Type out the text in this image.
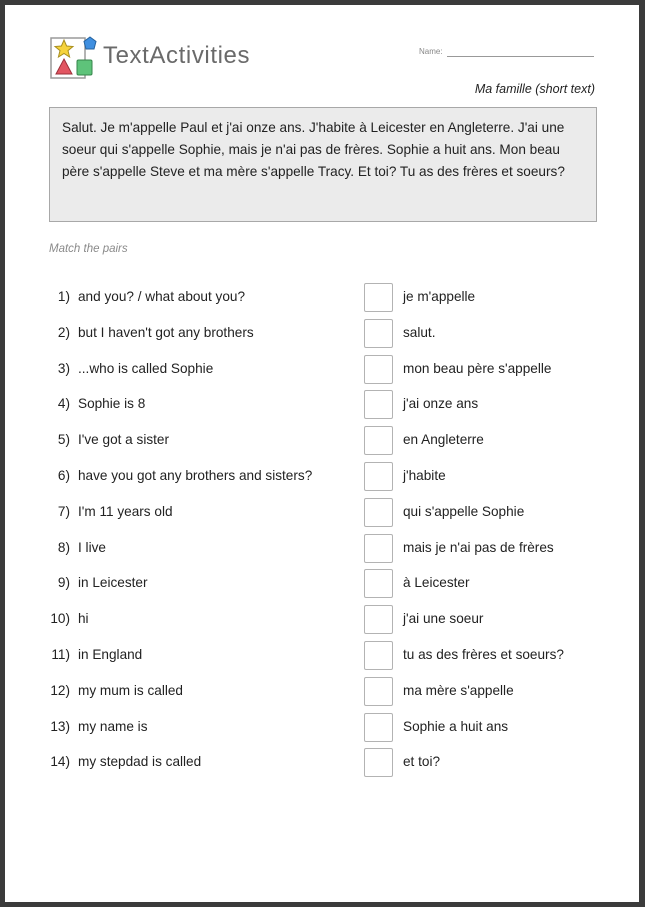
TextActivities	Name:
Ma famille (short text)
Salut. Je m'appelle Paul et j'ai onze ans. J'habite à Leicester en Angleterre. J'ai une soeur qui s'appelle Sophie, mais je n'ai pas de frères. Sophie a huit ans. Mon beau père s'appelle Steve et ma mère s'appelle Tracy. Et toi? Tu as des frères et soeurs?
Match the pairs
1) and you? / what about you?	je m'appelle
2) but I haven't got any brothers	salut.
3) ...who is called Sophie	mon beau père s'appelle
4) Sophie is 8	j'ai onze ans
5) I've got a sister	en Angleterre
6) have you got any brothers and sisters?	j'habite
7) I'm 11 years old	qui s'appelle Sophie
8) I live	mais je n'ai pas de frères
9) in Leicester	à Leicester
10) hi	j'ai une soeur
11) in England	tu as des frères et soeurs?
12) my mum is called	ma mère s'appelle
13) my name is	Sophie a huit ans
14) my stepdad is called	et toi?
